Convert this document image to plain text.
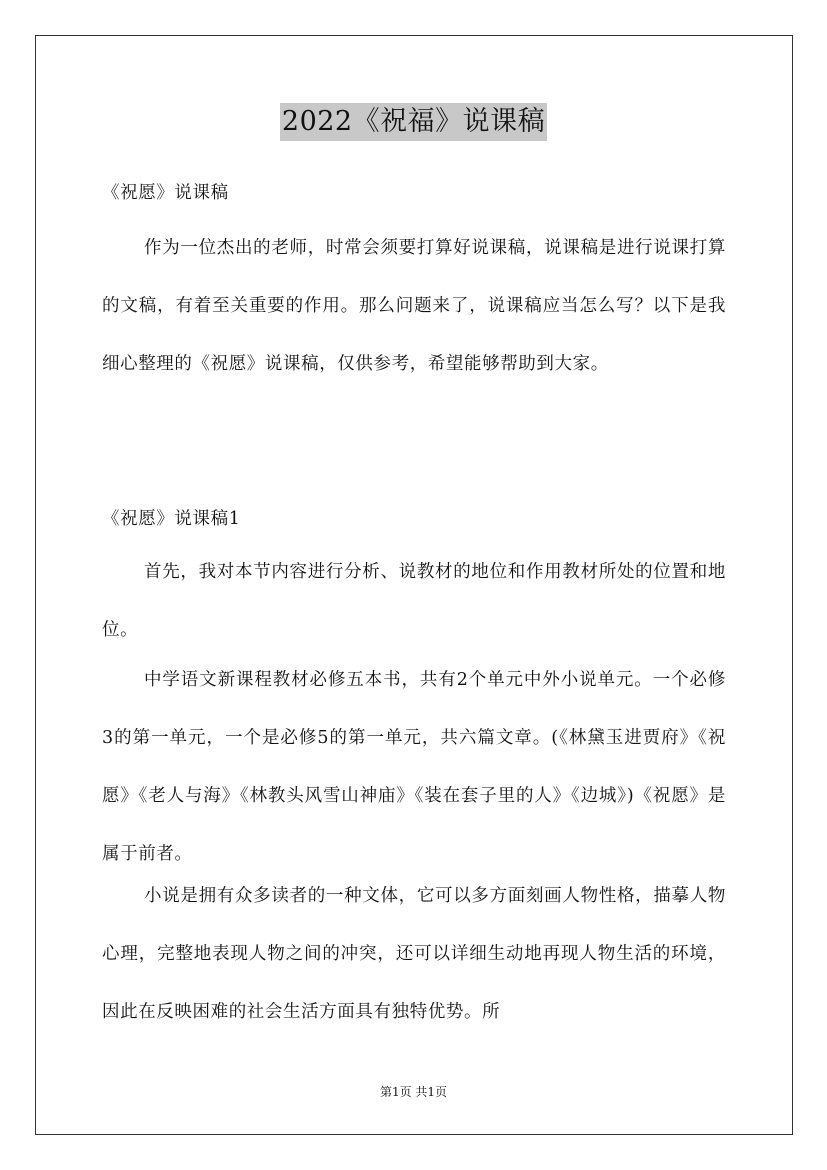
2022《祝福》说课稿
《祝愿》说课稿

作为一位杰出的老师，时常会须要打算好说课稿，说课稿是进行说课打算的文稿，有着至关重要的作用。那么问题来了，说课稿应当怎么写？以下是我细心整理的《祝愿》说课稿，仅供参考，希望能够帮助到大家。

《祝愿》说课稿1

首先，我对本节内容进行分析、说教材的地位和作用教材所处的位置和地位。

中学语文新课程教材必修五本书，共有2个单元中外小说单元。一个必修3的第一单元，一个是必修5的第一单元，共六篇文章。(《林黛玉进贾府》《祝愿》《老人与海》《林教头风雪山神庙》《装在套子里的人》《边城》)《祝愿》是属于前者。

小说是拥有众多读者的一种文体，它可以多方面刻画人物性格，描摹人物心理，完整地表现人物之间的冲突，还可以详细生动地再现人物生活的环境，因此在反映困难的社会生活方面具有独特优势。所

第1页 共1页
